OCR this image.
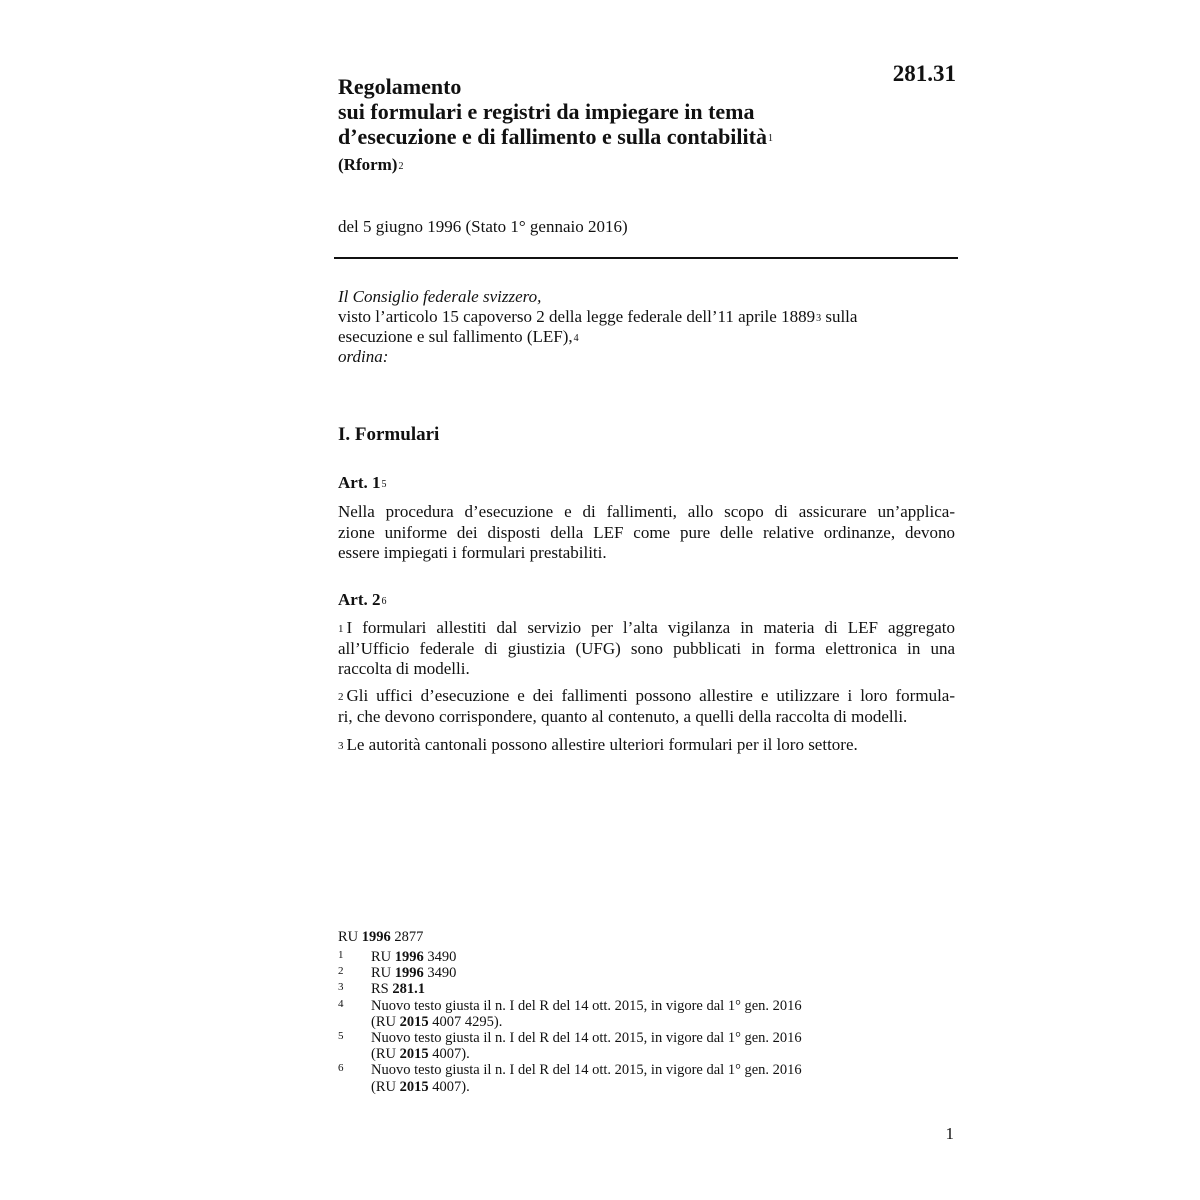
281.31
Regolamento
sui formulari e registri da impiegare in tema
d’esecuzione e di fallimento e sulla contabilità$^1$
(Rform)$^2$
del 5 giugno 1996 (Stato 1° gennaio 2016)
Il Consiglio federale svizzero,
visto l’articolo 15 capoverso 2 della legge federale dell’11 aprile 1889$^3$ sulla
esecuzione e sul fallimento (LEF),$^4$
ordina:
I. Formulari
Art. $1^5$
Nella procedura d’esecuzione e di fallimenti, allo scopo di assicurare un’applica-
zione uniforme dei disposti della LEF come pure delle relative ordinanze, devono
essere impiegati i formulari prestabiliti.
Art. $2^6$
$^1$ I formulari allestiti dal servizio per l’alta vigilanza in materia di LEF aggregato
all’Ufficio federale di giustizia (UFG) sono pubblicati in forma elettronica in una
raccolta di modelli.
$^2$ Gli uffici d’esecuzione e dei fallimenti possono allestire e utilizzare i loro formula-
ri, che devono corrispondere, quanto al contenuto, a quelli della raccolta di modelli.
$^3$ Le autorità cantonali possono allestire ulteriori formulari per il loro settore.
RU 1996 2877
1 RU 1996 3490
2 RU 1996 3490
3 RS 281.1
4 Nuovo testo giusta il n. I del R del 14 ott. 2015, in vigore dal 1° gen. 2016
(RU 2015 4007 4295).
5 Nuovo testo giusta il n. I del R del 14 ott. 2015, in vigore dal 1° gen. 2016
(RU 2015 4007).
6 Nuovo testo giusta il n. I del R del 14 ott. 2015, in vigore dal 1° gen. 2016
(RU 2015 4007).
1
